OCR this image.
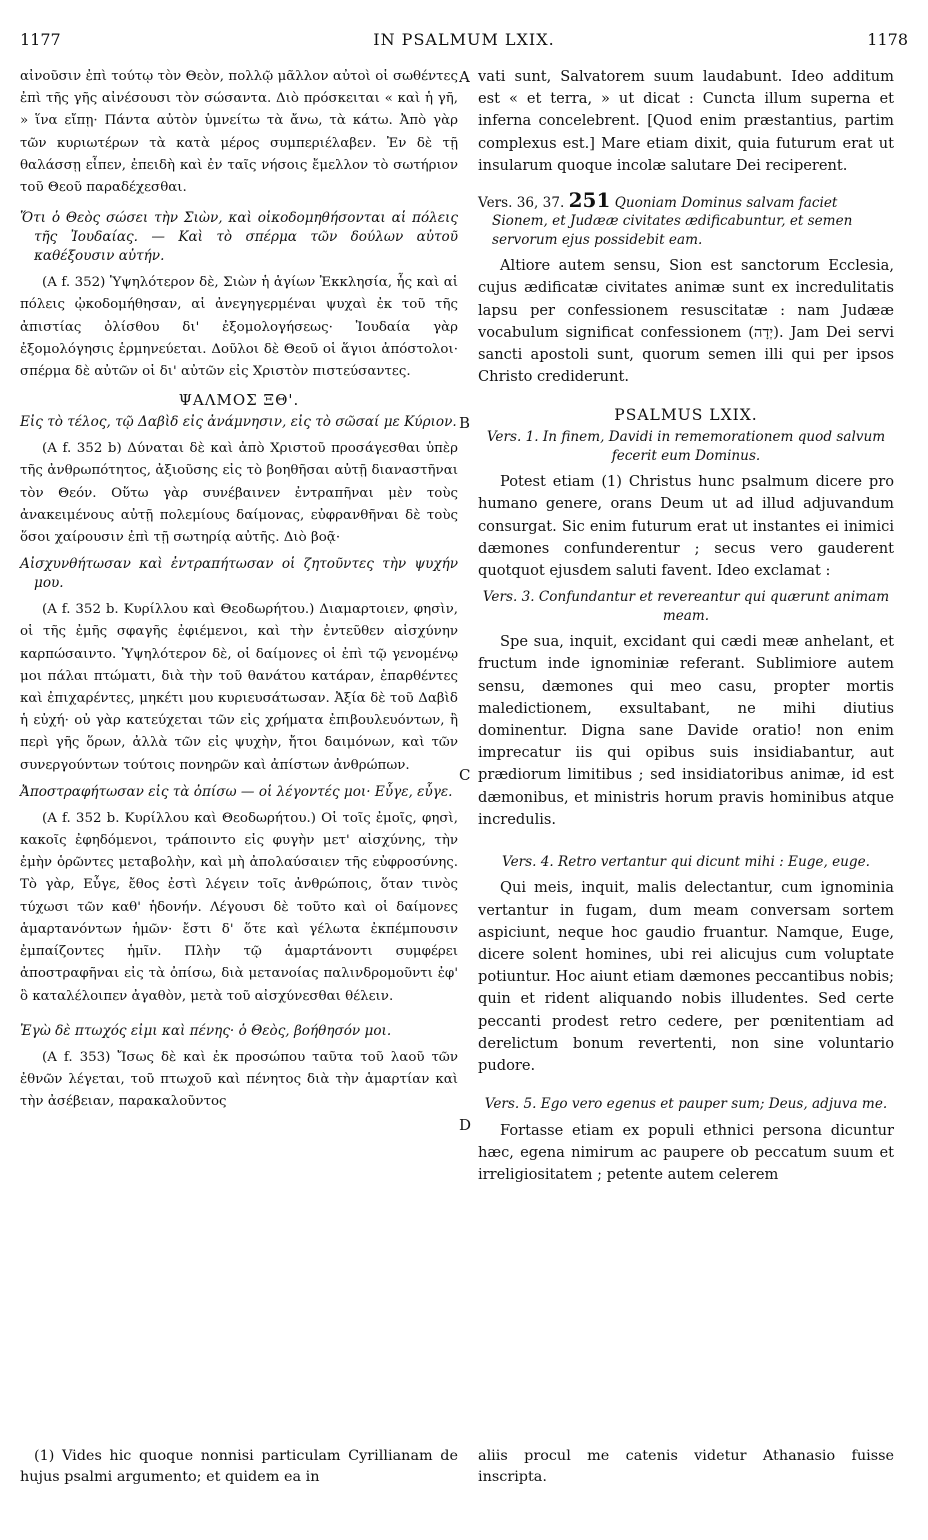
1177	IN PSALMUM LXIX.	1178
A
B
C
D

αἰνοῦσιν ἐπὶ τούτῳ τὸν Θεὸν, πολλῷ μᾶλλον αὐτοὶ οἱ σωθέντες ἐπὶ τῆς γῆς αἰνέσουσι τὸν σώσαντα. Διὸ πρόσκειται « καὶ ἡ γῆ, » ἵνα εἴπῃ· Πάντα αὐτὸν ὑμνείτω τὰ ἄνω, τὰ κάτω. Ἀπὸ γὰρ τῶν κυριωτέρων τὰ κατὰ μέρος συμπεριέλαβεν. Ἐν δὲ τῇ θαλάσσῃ εἶπεν, ἐπειδὴ καὶ ἐν ταῖς νήσοις ἔμελλον τὸ σωτήριον τοῦ Θεοῦ παραδέχεσθαι.

Ὅτι ὁ Θεὸς σώσει τὴν Σιὼν, καὶ οἰκοδομηθήσονται αἱ πόλεις τῆς Ἰουδαίας. — Καὶ τὸ σπέρμα τῶν δούλων αὐτοῦ καθέξουσιν αὐτήν.

(A f. 352) Ὑψηλότερον δὲ, Σιὼν ἡ ἁγίων Ἐκκλησία, ἧς καὶ αἱ πόλεις ᾠκοδομήθησαν, αἱ ἀνεγηγερμέναι ψυχαὶ ἐκ τοῦ τῆς ἀπιστίας ὀλίσθου δι' ἐξομολογήσεως· Ἰουδαία γὰρ ἐξομολόγησις ἑρμηνεύεται. Δοῦλοι δὲ Θεοῦ οἱ ἅγιοι ἀπόστολοι· σπέρμα δὲ αὐτῶν οἱ δι' αὐτῶν εἰς Χριστὸν πιστεύσαντες.

ΨΑΛΜΟΣ ΞΘ'.

Εἰς τὸ τέλος, τῷ Δαβὶδ εἰς ἀνάμνησιν, εἰς τὸ σῶσαί με Κύριον.

(A f. 352 b) Δύναται δὲ καὶ ἀπὸ Χριστοῦ προσάγεσθαι ὑπὲρ τῆς ἀνθρωπότητος, ἀξιοῦσης εἰς τὸ βοηθῆσαι αὐτῇ διαναστῆναι τὸν Θεόν. Οὕτω γὰρ συνέβαινεν ἐντραπῆναι μὲν τοὺς ἀνακειμένους αὐτῇ πολεμίους δαίμονας, εὐφρανθῆναι δὲ τοὺς ὅσοι χαίρουσιν ἐπὶ τῇ σωτηρίᾳ αὐτῆς. Διὸ βοᾷ·

Αἰσχυνθήτωσαν καὶ ἐντραπήτωσαν οἱ ζητοῦντες τὴν ψυχήν μου.

(A f. 352 b. Κυρίλλου καὶ Θεοδωρήτου.) Διαμαρτοιεν, φησὶν, οἱ τῆς ἐμῆς σφαγῆς ἐφιέμενοι, καὶ τὴν ἐντεῦθεν αἰσχύνην καρπώσαιντο. Ὑψηλότερον δὲ, οἱ δαίμονες οἱ ἐπὶ τῷ γενομένῳ μοι πάλαι πτώματι, διὰ τὴν τοῦ θανάτου κατάραν, ἐπαρθέντες καὶ ἐπιχαρέντες, μηκέτι μου κυριευσάτωσαν. Ἀξία δὲ τοῦ Δαβὶδ ἡ εὐχή· οὐ γὰρ κατεύχεται τῶν εἰς χρήματα ἐπιβουλευόντων, ἢ περὶ γῆς ὅρων, ἀλλὰ τῶν εἰς ψυχὴν, ἤτοι δαιμόνων, καὶ τῶν συνεργούντων τούτοις πονηρῶν καὶ ἀπίστων ἀνθρώπων.

Ἀποστραφήτωσαν εἰς τὰ ὀπίσω — οἱ λέγοντές μοι· Εὖγε, εὖγε.

(A f. 352 b. Κυρίλλου καὶ Θεοδωρήτου.) Οἱ τοῖς ἐμοῖς, φησὶ, κακοῖς ἐφηδόμενοι, τράποιντο εἰς φυγὴν μετ' αἰσχύνης, τὴν ἐμὴν ὁρῶντες μεταβολὴν, καὶ μὴ ἀπολαύσαιεν τῆς εὐφροσύνης. Τὸ γὰρ, Εὖγε, ἔθος ἐστὶ λέγειν τοῖς ἀνθρώποις, ὅταν τινὸς τύχωσι τῶν καθ' ἡδονήν. Λέγουσι δὲ τοῦτο καὶ οἱ δαίμονες ἁμαρτανόντων ἡμῶν· ἔστι δ' ὅτε καὶ γέλωτα ἐκπέμπουσιν ἐμπαίζοντες ἡμῖν. Πλὴν τῷ ἁμαρτάνοντι συμφέρει ἀποστραφῆναι εἰς τὰ ὀπίσω, διὰ μετανοίας παλινδρομοῦντι ἐφ' ὃ καταλέλοιπεν ἀγαθὸν, μετὰ τοῦ αἰσχύνεσθαι θέλειν.

Ἐγὼ δὲ πτωχός εἰμι καὶ πένης· ὁ Θεὸς, βοήθησόν μοι.

(A f. 353) Ἴσως δὲ καὶ ἐκ προσώπου ταῦτα τοῦ λαοῦ τῶν ἐθνῶν λέγεται, τοῦ πτωχοῦ καὶ πένητος διὰ τὴν ἁμαρτίαν καὶ τὴν ἀσέβειαν, παρακαλοῦντος

vati sunt, Salvatorem suum laudabunt. Ideo additum est « et terra, » ut dicat : Cuncta illum superna et inferna concelebrent. [Quod enim præstantius, partim complexus est.] Mare etiam dixit, quia futurum erat ut insularum quoque incolæ salutare Dei reciperent.

Vers. 36, 37. 251 Quoniam Dominus salvam faciet Sionem, et Judææ civitates ædificabuntur, et semen servorum ejus possidebit eam.

Altiore autem sensu, Sion est sanctorum Ecclesia, cujus ædificatæ civitates animæ sunt ex incredulitatis lapsu per confessionem resuscitatæ : nam Judææ vocabulum significat confessionem (יְדָה). Jam Dei servi sancti apostoli sunt, quorum semen illi qui per ipsos Christo crediderunt.

PSALMUS LXIX.

Vers. 1. In finem, Davidi in rememorationem quod salvum fecerit eum Dominus.

Potest etiam (1) Christus hunc psalmum dicere pro humano genere, orans Deum ut ad illud adjuvandum consurgat. Sic enim futurum erat ut instantes ei inimici dæmones confunderentur ; secus vero gauderent quotquot ejusdem saluti favent. Ideo exclamat :

Vers. 3. Confundantur et revereantur qui quærunt animam meam.

Spe sua, inquit, excidant qui cædi meæ anhelant, et fructum inde ignominiæ referant. Sublimiore autem sensu, dæmones qui meo casu, propter mortis maledictionem, exsultabant, ne mihi diutius dominentur. Digna sane Davide oratio! non enim imprecatur iis qui opibus suis insidiabantur, aut prædiorum limitibus ; sed insidiatoribus animæ, id est dæmonibus, et ministris horum pravis hominibus atque incredulis.

Vers. 4. Retro vertantur qui dicunt mihi : Euge, euge.

Qui meis, inquit, malis delectantur, cum ignominia vertantur in fugam, dum meam conversam sortem aspiciunt, neque hoc gaudio fruantur. Namque, Euge, dicere solent homines, ubi rei alicujus cum voluptate potiuntur. Hoc aiunt etiam dæmones peccantibus nobis; quin et rident aliquando nobis illudentes. Sed certe peccanti prodest retro cedere, per pœnitentiam ad derelictum bonum revertenti, non sine voluntario pudore.

Vers. 5. Ego vero egenus et pauper sum; Deus, adjuva me.

Fortasse etiam ex populi ethnici persona dicuntur hæc, egena nimirum ac paupere ob peccatum suum et irreligiositatem ; petente autem celerem

(1) Vides hic quoque nonnisi particulam Cyrillianam de hujus psalmi argumento; et quidem ea in

aliis procul me catenis videtur Athanasio fuisse inscripta.
